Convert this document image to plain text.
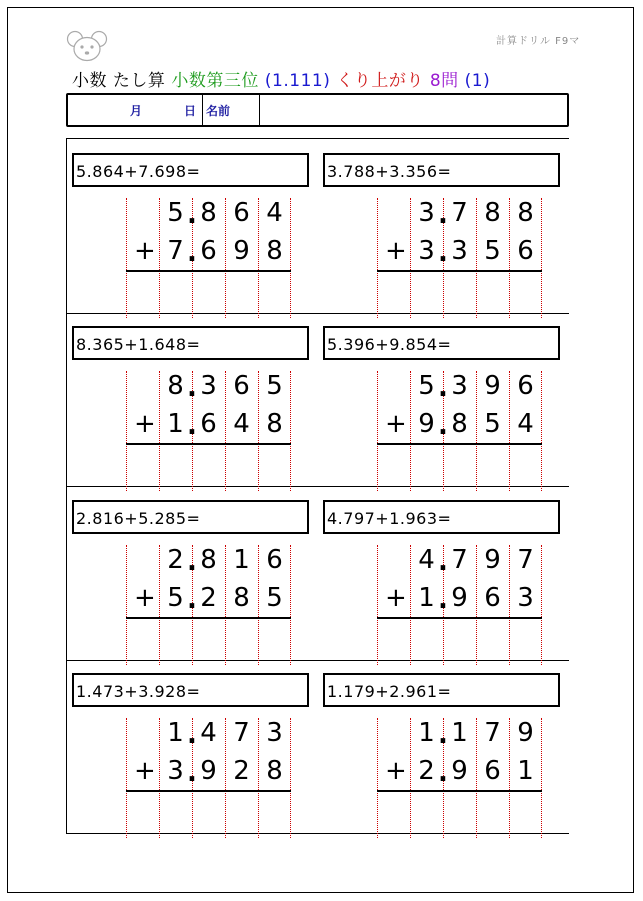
計算ドリル F9マ
小数 たし算 小数第三位 (1.111) くり上がり 8問 (1)
月	日 名前
5.864+7.698=
5 8 6 4
.
7 6 9 8
.
+
3.788+3.356=
3 7 8 8
.
3 3 5 6
.
+
8.365+1.648=
8 3 6 5
.
1 6 4 8
.
+
5.396+9.854=
5 3 9 6
.
9 8 5 4
.
+
2.816+5.285=
2 8 1 6
.
5 2 8 5
.
+
4.797+1.963=
4 7 9 7
.
1 9 6 3
.
+
1.473+3.928=
1 4 7 3
.
3 9 2 8
.
+
1.179+2.961=
1 1 7 9
.
2 9 6 1
.
+
